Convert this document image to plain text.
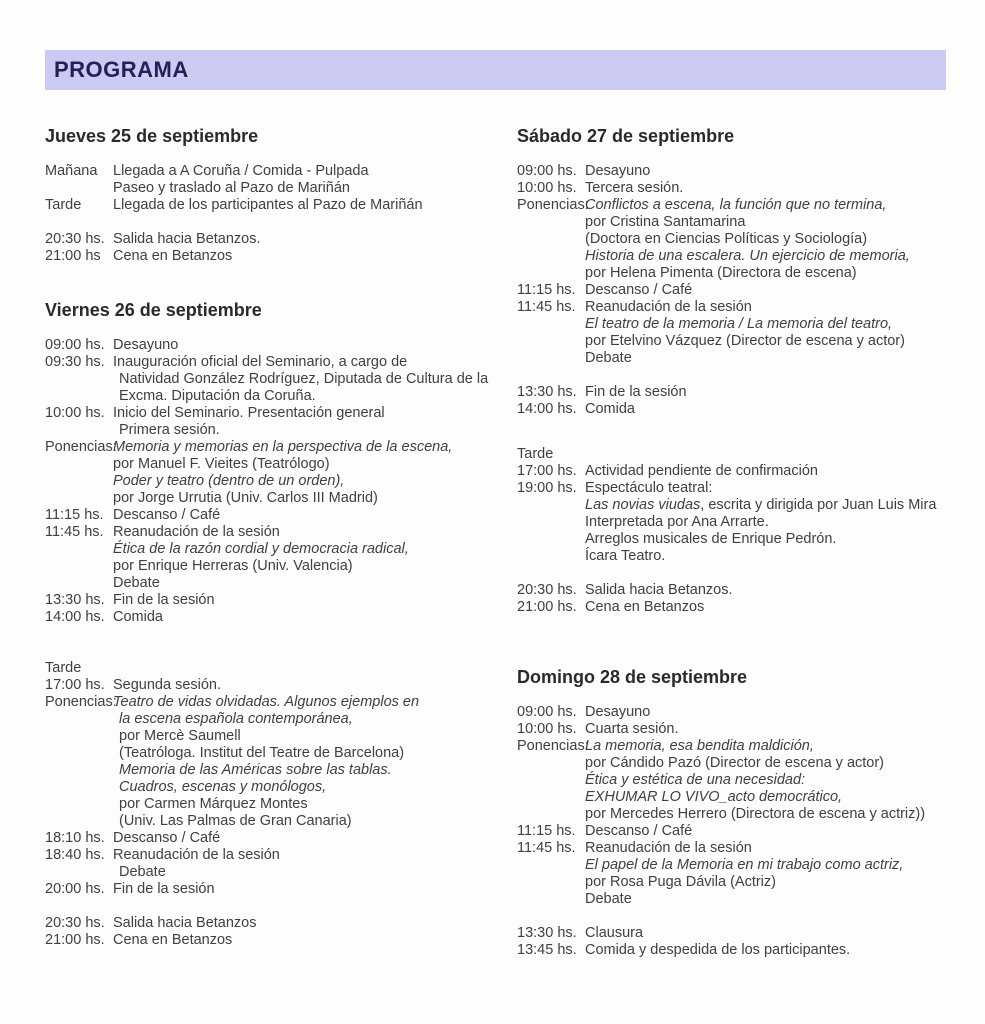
PROGRAMA
Jueves 25 de septiembre
Mañana	Llegada a A Coruña / Comida - Pulpada
Paseo y traslado al Pazo de Mariñán
Tarde	Llegada de los participantes al Pazo de Mariñán
20:30 hs. Salida hacia Betanzos.
21:00 hs Cena en Betanzos
Viernes 26 de septiembre
09:00 hs. Desayuno
09:30 hs. Inauguración oficial del Seminario, a cargo de
Natividad González Rodríguez, Diputada de Cultura de la
Excma. Diputación da Coruña.
10:00 hs. Inicio del Seminario. Presentación general
Primera sesión.
Ponencias:
Memoria y memorias en la perspectiva de la escena,
por Manuel F. Vieites (Teatrólogo)
Poder y teatro (dentro de un orden),
por Jorge Urrutia (Univ. Carlos III Madrid)
11:15 hs. Descanso / Café
11:45 hs. Reanudación de la sesión
Ética de la razón cordial y democracia radical,
por Enrique Herreras (Univ. Valencia)
Debate
13:30 hs. Fin de la sesión
14:00 hs. Comida
Tarde
17:00 hs. Segunda sesión.
Ponencias:
Teatro de vidas olvidadas. Algunos ejemplos en
la escena española contemporánea,
por Mercè Saumell
(Teatróloga. Institut del Teatre de Barcelona)
Memoria de las Américas sobre las tablas.
Cuadros, escenas y monólogos,
por Carmen Márquez Montes
(Univ. Las Palmas de Gran Canaria)
18:10 hs. Descanso / Café
18:40 hs. Reanudación de la sesión
Debate
20:00 hs. Fin de la sesión
20:30 hs. Salida hacia Betanzos
21:00 hs. Cena en Betanzos
Sábado 27 de septiembre
09:00 hs. Desayuno
10:00 hs. Tercera sesión.
Ponencias:
Conflictos a escena, la función que no termina,
por Cristina Santamarina
(Doctora en Ciencias Políticas y Sociología)
Historia de una escalera. Un ejercicio de memoria,
por Helena Pimenta (Directora de escena)
11:15 hs. Descanso / Café
11:45 hs. Reanudación de la sesión
El teatro de la memoria / La memoria del teatro,
por Etelvino Vázquez (Director de escena y actor)
Debate
13:30 hs. Fin de la sesión
14:00 hs. Comida
Tarde
17:00 hs. Actividad pendiente de confirmación
19:00 hs. Espectáculo teatral:
Las novias viudas, escrita y dirigida por Juan Luis Mira
Interpretada por Ana Arrarte.
Arreglos musicales de Enrique Pedrón.
Ícara Teatro.
20:30 hs. Salida hacia Betanzos.
21:00 hs. Cena en Betanzos
Domingo 28 de septiembre
09:00 hs. Desayuno
10:00 hs. Cuarta sesión.
Ponencias:
La memoria, esa bendita maldición,
por Cándido Pazó (Director de escena y actor)
Ética y estética de una necesidad:
EXHUMAR LO VIVO_acto democrático,
por Mercedes Herrero (Directora de escena y actriz))
11:15 hs. Descanso / Café
11:45 hs. Reanudación de la sesión
El papel de la Memoria en mi trabajo como actriz,
por Rosa Puga Dávila (Actriz)
Debate
13:30 hs. Clausura
13:45 hs. Comida y despedida de los participantes.
